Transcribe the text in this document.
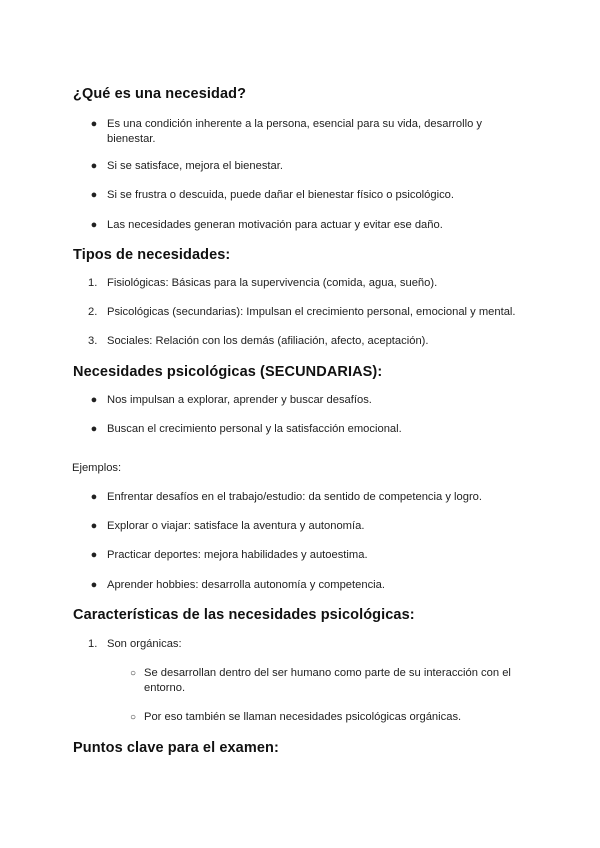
¿Qué es una necesidad?
● Es una condición inherente a la persona, esencial para su vida, desarrollo y bienestar.
● Si se satisface, mejora el bienestar.
● Si se frustra o descuida, puede dañar el bienestar físico o psicológico.
● Las necesidades generan motivación para actuar y evitar ese daño.
Tipos de necesidades:
1. Fisiológicas: Básicas para la supervivencia (comida, agua, sueño).
2. Psicológicas (secundarias): Impulsan el crecimiento personal, emocional y mental.
3. Sociales: Relación con los demás (afiliación, afecto, aceptación).
Necesidades psicológicas (SECUNDARIAS):
● Nos impulsan a explorar, aprender y buscar desafíos.
● Buscan el crecimiento personal y la satisfacción emocional.
Ejemplos:
● Enfrentar desafíos en el trabajo/estudio: da sentido de competencia y logro.
● Explorar o viajar: satisface la aventura y autonomía.
● Practicar deportes: mejora habilidades y autoestima.
● Aprender hobbies: desarrolla autonomía y competencia.
Características de las necesidades psicológicas:
1. Son orgánicas:
○ Se desarrollan dentro del ser humano como parte de su interacción con el entorno.
○ Por eso también se llaman necesidades psicológicas orgánicas.
Puntos clave para el examen:
